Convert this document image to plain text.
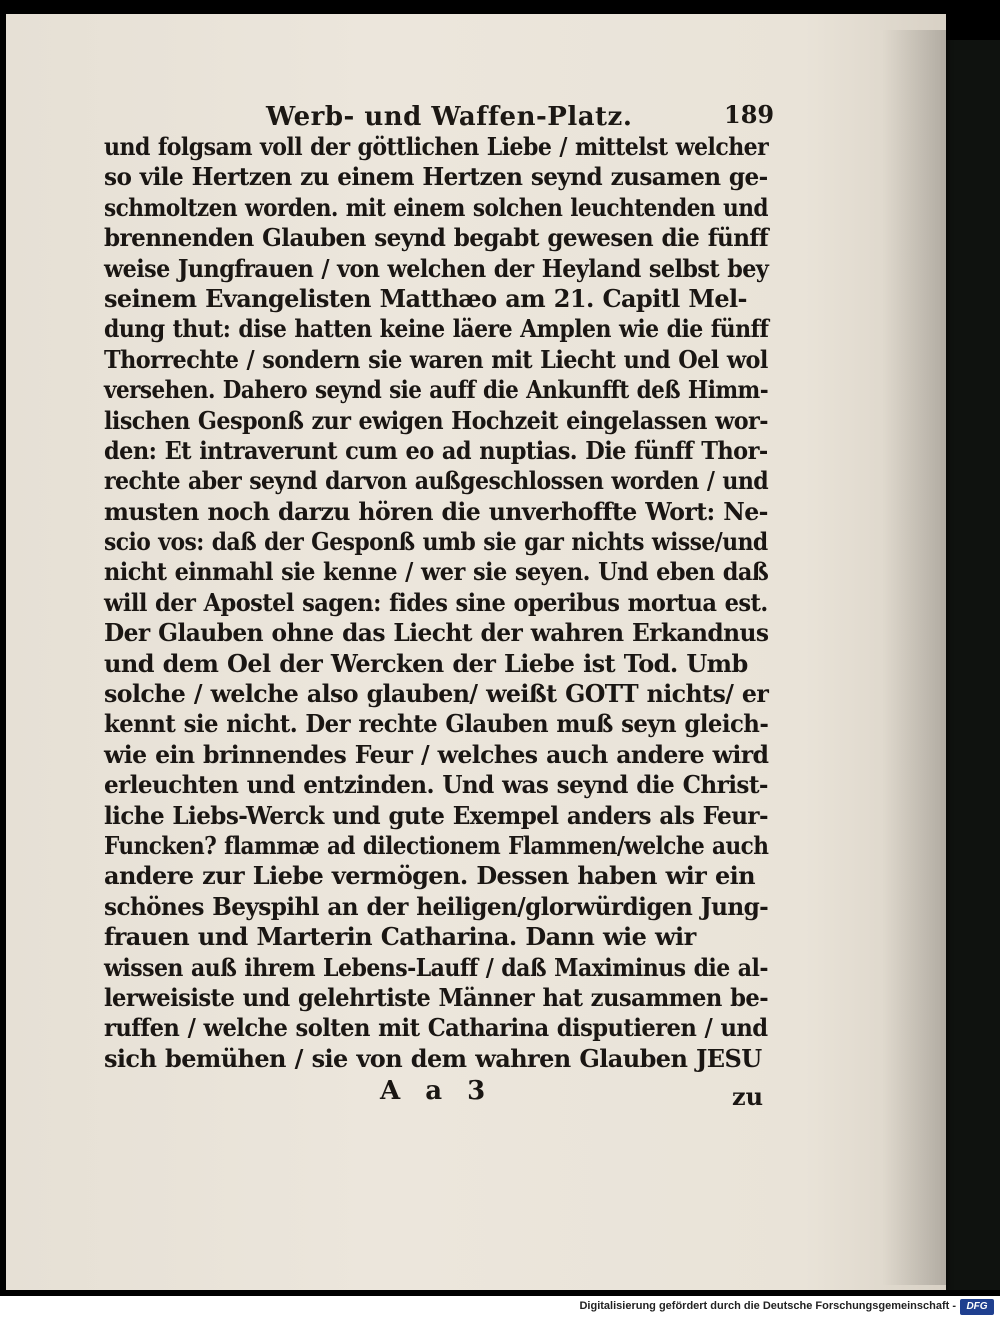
Werb- und Waffen-Platz.	189
und folgsam voll der göttlichen Liebe / mittelst welcher
so vile Hertzen zu einem Hertzen seynd zusamen ge-
schmoltzen worden. mit einem solchen leuchtenden und
brennenden Glauben seynd begabt gewesen die fünff
weise Jungfrauen / von welchen der Heyland selbst bey
seinem Evangelisten Matthæo am 21. Capitl Mel-
dung thut: dise hatten keine läere Amplen wie die fünff
Thorrechte / sondern sie waren mit Liecht und Oel wol
versehen. Dahero seynd sie auff die Ankunfft deß Himm-
lischen Gesponß zur ewigen Hochzeit eingelassen wor-
den: Et intraverunt cum eo ad nuptias. Die fünff Thor-
rechte aber seynd darvon außgeschlossen worden / und
musten noch darzu hören die unverhoffte Wort: Ne-
scio vos: daß der Gesponß umb sie gar nichts wisse/und
nicht einmahl sie kenne / wer sie seyen. Und eben daß
will der Apostel sagen: fides sine operibus mortua est.
Der Glauben ohne das Liecht der wahren Erkandnus
und dem Oel der Wercken der Liebe ist Tod. Umb
solche / welche also glauben/ weißt GOTT nichts/ er
kennt sie nicht. Der rechte Glauben muß seyn gleich-
wie ein brinnendes Feur / welches auch andere wird
erleuchten und entzinden. Und was seynd die Christ-
liche Liebs-Werck und gute Exempel anders als Feur-
Funcken? flammæ ad dilectionem Flammen/welche auch
andere zur Liebe vermögen. Dessen haben wir ein
schönes Beyspihl an der heiligen/glorwürdigen Jung-
frauen und Marterin Catharina. Dann wie wir
wissen auß ihrem Lebens-Lauff / daß Maximinus die al-
lerweisiste und gelehrtiste Männer hat zusammen be-
ruffen / welche solten mit Catharina disputieren / und
sich bemühen / sie von dem wahren Glauben JESU
A a 3	zu
Digitalisierung gefördert durch die Deutsche Forschungsgemeinschaft -	DFG
